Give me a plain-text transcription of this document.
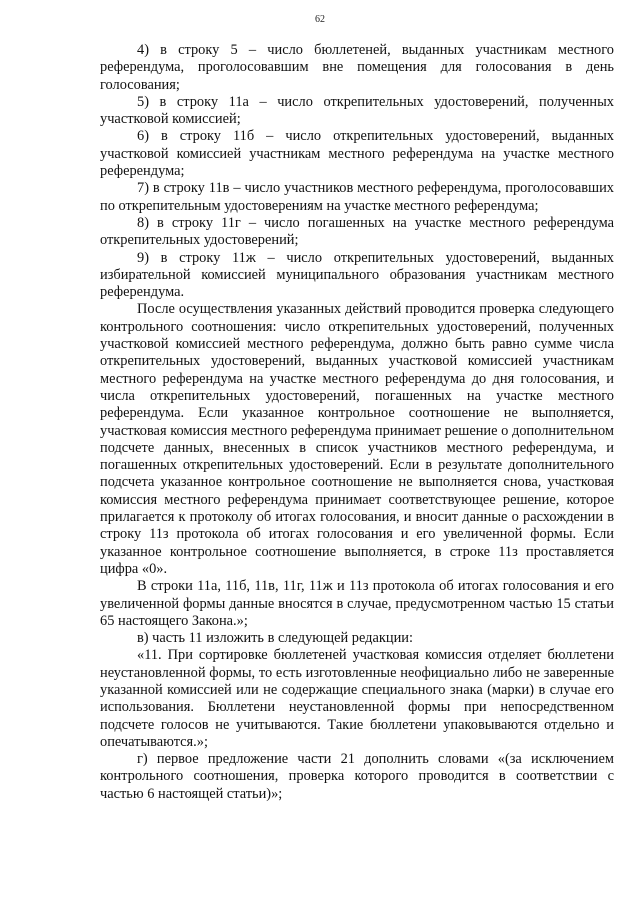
62

4) в строку 5 – число бюллетеней, выданных участникам местного референдума, проголосовавшим вне помещения для голосования в день голосования;

5) в строку 11а – число открепительных удостоверений, полученных участковой комиссией;

6) в строку 11б – число открепительных удостоверений, выданных участковой комиссией участникам местного референдума на участке местного референдума;

7) в строку 11в – число участников местного референдума, проголосовавших по открепительным удостоверениям на участке местного референдума;

8) в строку 11г – число погашенных на участке местного референдума открепительных удостоверений;

9) в строку 11ж – число открепительных удостоверений, выданных избирательной комиссией муниципального образования участникам местного референдума.

После осуществления указанных действий проводится проверка следующего контрольного соотношения: число открепительных удостоверений, полученных участковой комиссией местного референдума, должно быть равно сумме числа открепительных удостоверений, выданных участковой комиссией участникам местного референдума на участке местного референдума до дня голосования, и числа открепительных удостоверений, погашенных на участке местного референдума. Если указанное контрольное соотношение не выполняется, участковая комиссия местного референдума принимает решение о дополнительном подсчете данных, внесенных в список участников местного референдума, и погашенных открепительных удостоверений. Если в результате дополнительного подсчета указанное контрольное соотношение не выполняется снова, участковая комиссия местного референдума принимает соответствующее решение, которое прилагается к протоколу об итогах голосования, и вносит данные о расхождении в строку 11з протокола об итогах голосования и его увеличенной формы. Если указанное контрольное соотношение выполняется, в строке 11з проставляется цифра «0».

В строки 11а, 11б, 11в, 11г, 11ж и 11з протокола об итогах голосования и его увеличенной формы данные вносятся в случае, предусмотренном частью 15 статьи 65 настоящего Закона.»;

в) часть 11 изложить в следующей редакции:

«11. При сортировке бюллетеней участковая комиссия отделяет бюллетени неустановленной формы, то есть изготовленные неофициально либо не заверенные указанной комиссией или не содержащие специального знака (марки) в случае его использования. Бюллетени неустановленной формы при непосредственном подсчете голосов не учитываются. Такие бюллетени упаковываются отдельно и опечатываются.»;

г) первое предложение части 21 дополнить словами «(за исключением контрольного соотношения, проверка которого проводится в соответствии с частью 6 настоящей статьи)»;
